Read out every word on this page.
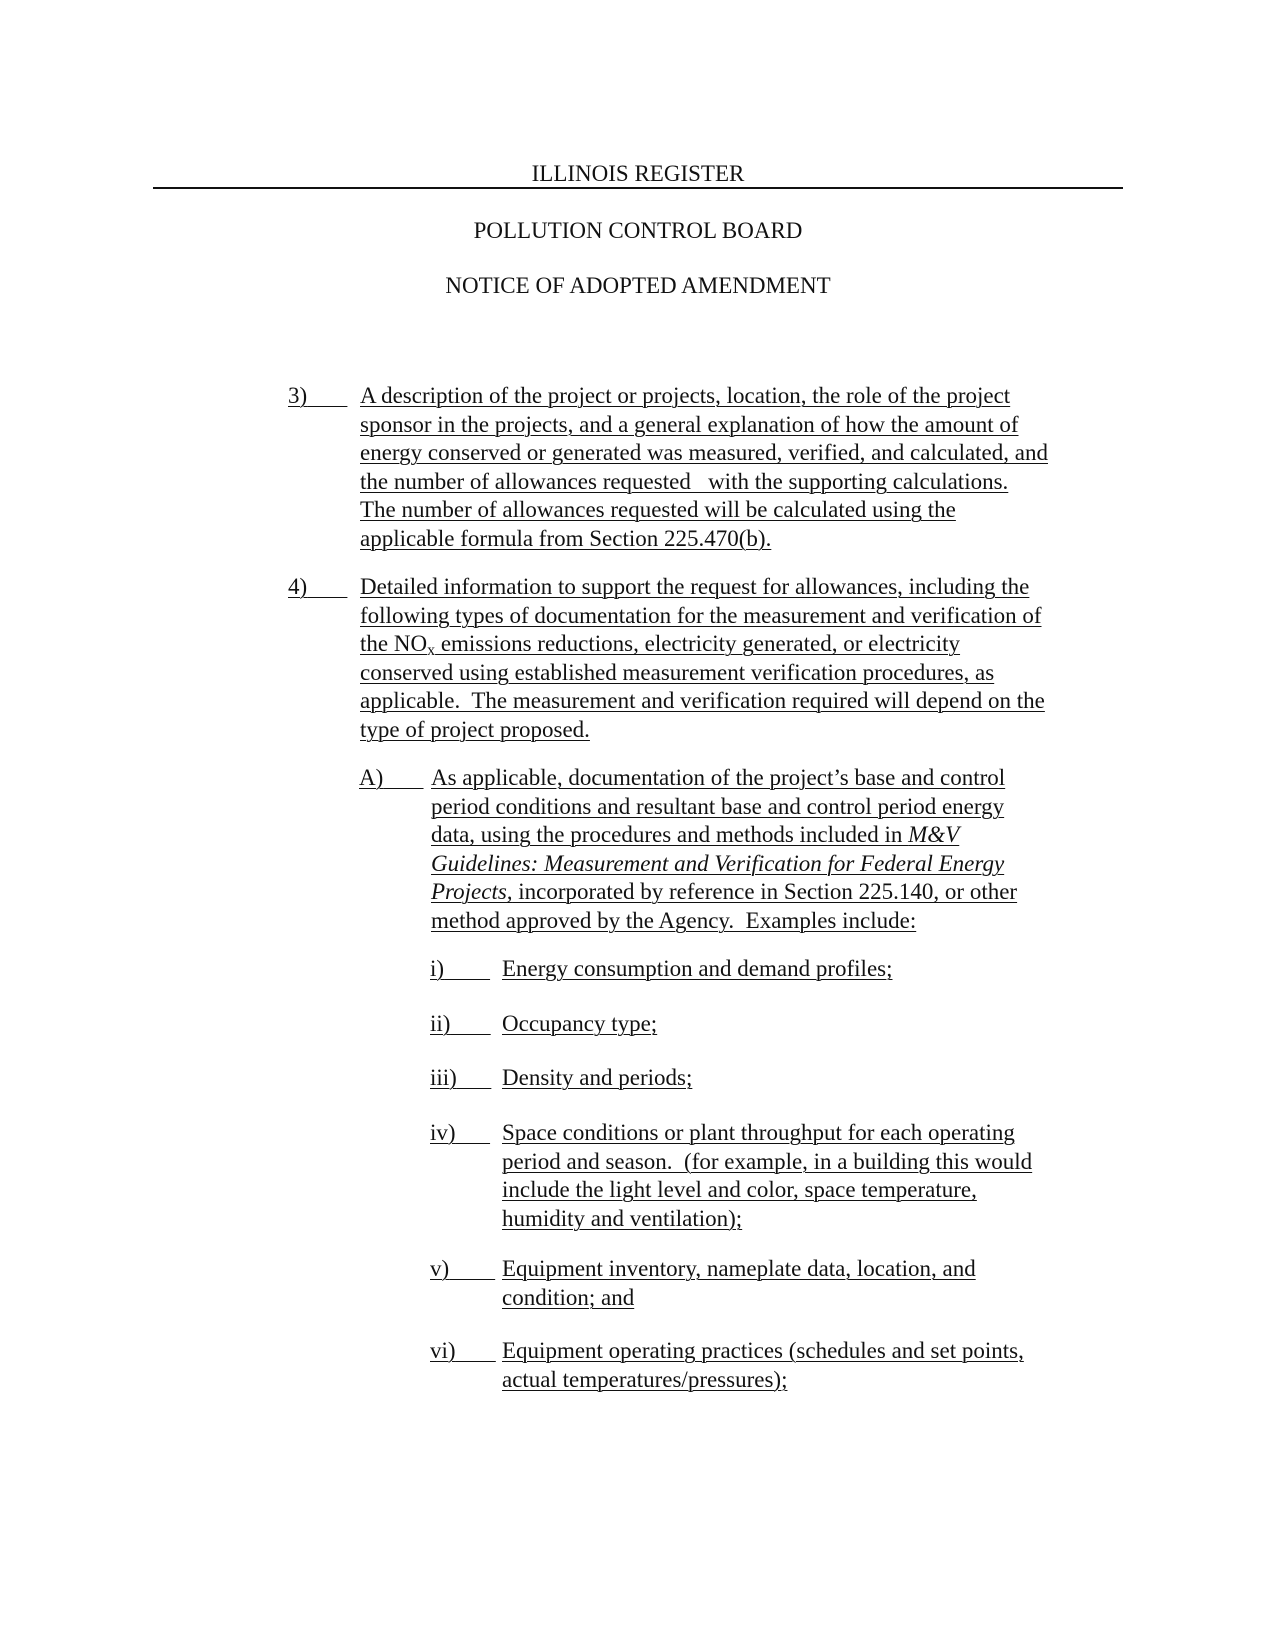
ILLINOIS REGISTER
POLLUTION CONTROL BOARD
NOTICE OF ADOPTED AMENDMENT
3)	A description of the project or projects, location, the role of the project
sponsor in the projects, and a general explanation of how the amount of
energy conserved or generated was measured, verified, and calculated, and
the number of allowances requested   with the supporting calculations.
The number of allowances requested will be calculated using the
applicable formula from Section 225.470(b).
4)	Detailed information to support the request for allowances, including the
following types of documentation for the measurement and verification of
the $NO_x$ emissions reductions, electricity generated, or electricity
conserved using established measurement verification procedures, as
applicable.  The measurement and verification required will depend on the
type of project proposed.
A)	As applicable, documentation of the project’s base and control
period conditions and resultant base and control period energy
data, using the procedures and methods included in M&V
Guidelines: Measurement and Verification for Federal Energy
Projects, incorporated by reference in Section 225.140, or other
method approved by the Agency.  Examples include:
i)	Energy consumption and demand profiles;
ii)	Occupancy type;
iii)	Density and periods;
iv)	Space conditions or plant throughput for each operating
period and season.  (for example, in a building this would
include the light level and color, space temperature,
humidity and ventilation);
v)	Equipment inventory, nameplate data, location, and
condition; and
vi)	Equipment operating practices (schedules and set points,
actual temperatures/pressures);
